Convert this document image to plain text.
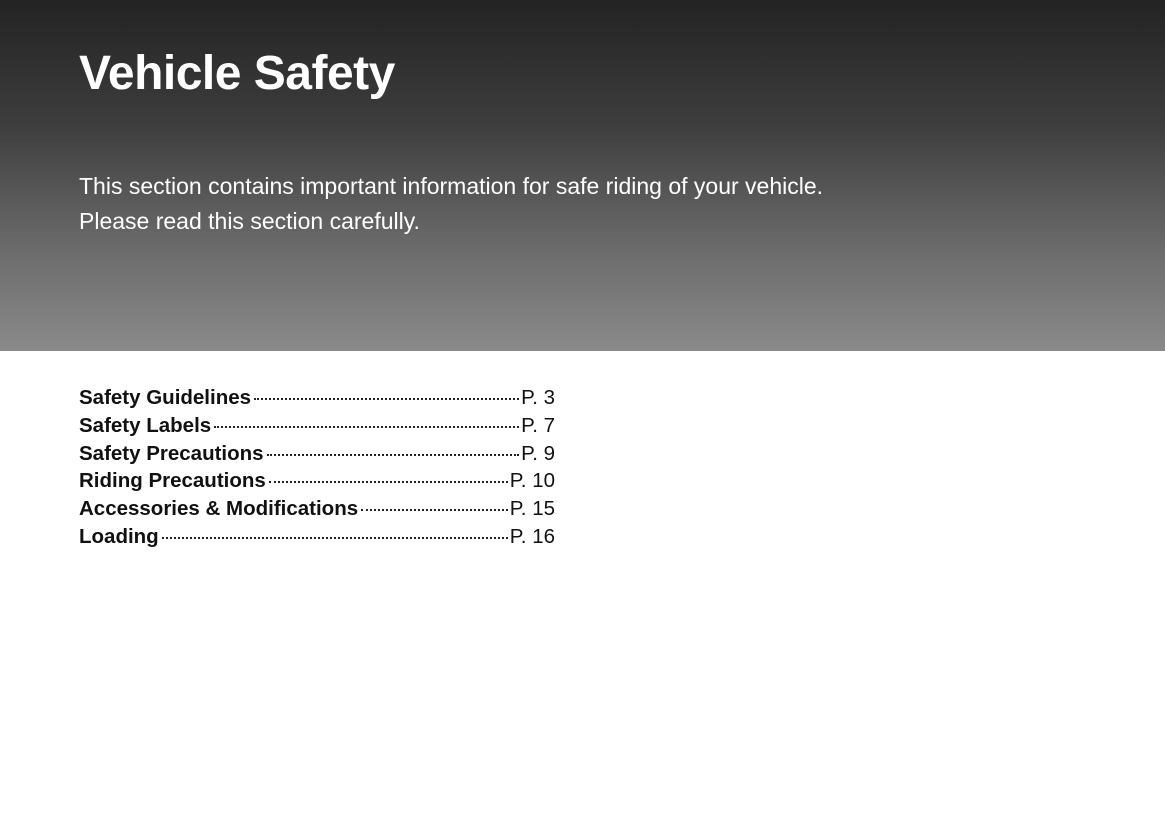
Vehicle Safety
This section contains important information for safe riding of your vehicle.
Please read this section carefully.
Safety Guidelines	P. 3
Safety Labels	P. 7
Safety Precautions	P. 9
Riding Precautions	P. 10
Accessories & Modifications	P. 15
Loading	P. 16
